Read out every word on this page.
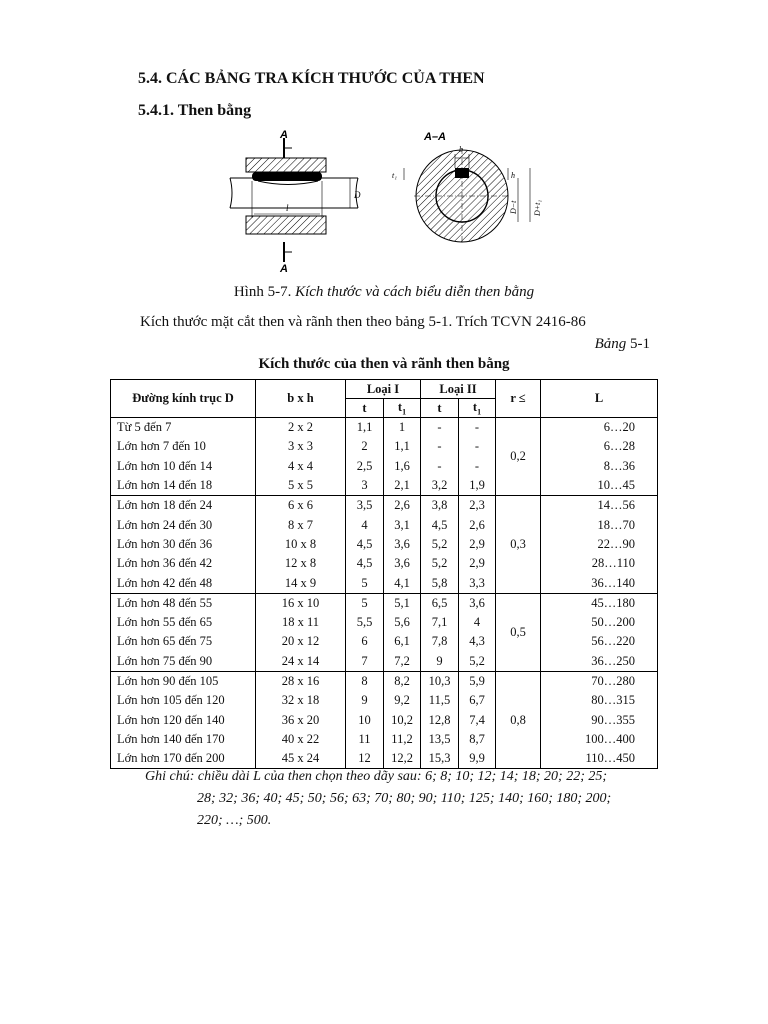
5.4. CÁC BẢNG TRA KÍCH THƯỚC CỦA THEN
5.4.1. Then bằng
l
D
A
A
A–A
b
t₁	h
D−t D+t₁
Hình 5-7. Kích thước và cách biểu diễn then bằng
Kích thước mặt cắt then và rãnh then theo bảng 5-1. Trích TCVN 2416-86
Bảng 5-1
Kích thước của then và rãnh then bằng
Đường kính trục D	b x h	Loại I		Loại II		r ≤	L
		t	$t_1$	t	$t_1$
Từ 5 đến 7	2 x 2	1,1	1	-	-	0,2	6…20
Lớn hơn 7 đến 10	3 x 3	2	1,1	-	-		6…28
Lớn hơn 10 đến 14	4 x 4	2,5	1,6	-	-		8…36
Lớn hơn 14 đến 18	5 x 5	3	2,1	3,2	1,9		10…45
Lớn hơn 18 đến 24	6 x 6	3,5	2,6	3,8	2,3	0,3	14…56
Lớn hơn 24 đến 30	8 x 7	4	3,1	4,5	2,6		18…70
Lớn hơn 30 đến 36	10 x 8	4,5	3,6	5,2	2,9		22…90
Lớn hơn 36 đến 42	12 x 8	4,5	3,6	5,2	2,9		28…110
Lớn hơn 42 đến 48	14 x 9	5	4,1	5,8	3,3		36…140
Lớn hơn 48 đến 55	16 x 10	5	5,1	6,5	3,6	0,5	45…180
Lớn hơn 55 đến 65	18 x 11	5,5	5,6	7,1	4		50…200
Lớn hơn 65 đến 75	20 x 12	6	6,1	7,8	4,3		56…220
Lớn hơn 75 đến 90	24 x 14	7	7,2	9	5,2		36…250
Lớn hơn 90 đến 105	28 x 16	8	8,2	10,3	5,9	0,8	70…280
Lớn hơn 105 đến 120	32 x 18	9	9,2	11,5	6,7		80…315
Lớn hơn 120 đến 140	36 x 20	10	10,2	12,8	7,4		90…355
Lớn hơn 140 đến 170	40 x 22	11	11,2	13,5	8,7		100…400
Lớn hơn 170 đến 200	45 x 24	12	12,2	15,3	9,9		110…450
Ghi chú: chiều dài L của then chọn theo dãy sau: 6; 8; 10; 12; 14; 18; 20; 22; 25;
28; 32; 36; 40; 45; 50; 56; 63; 70; 80; 90; 110; 125; 140; 160; 180; 200;
220; …; 500.
